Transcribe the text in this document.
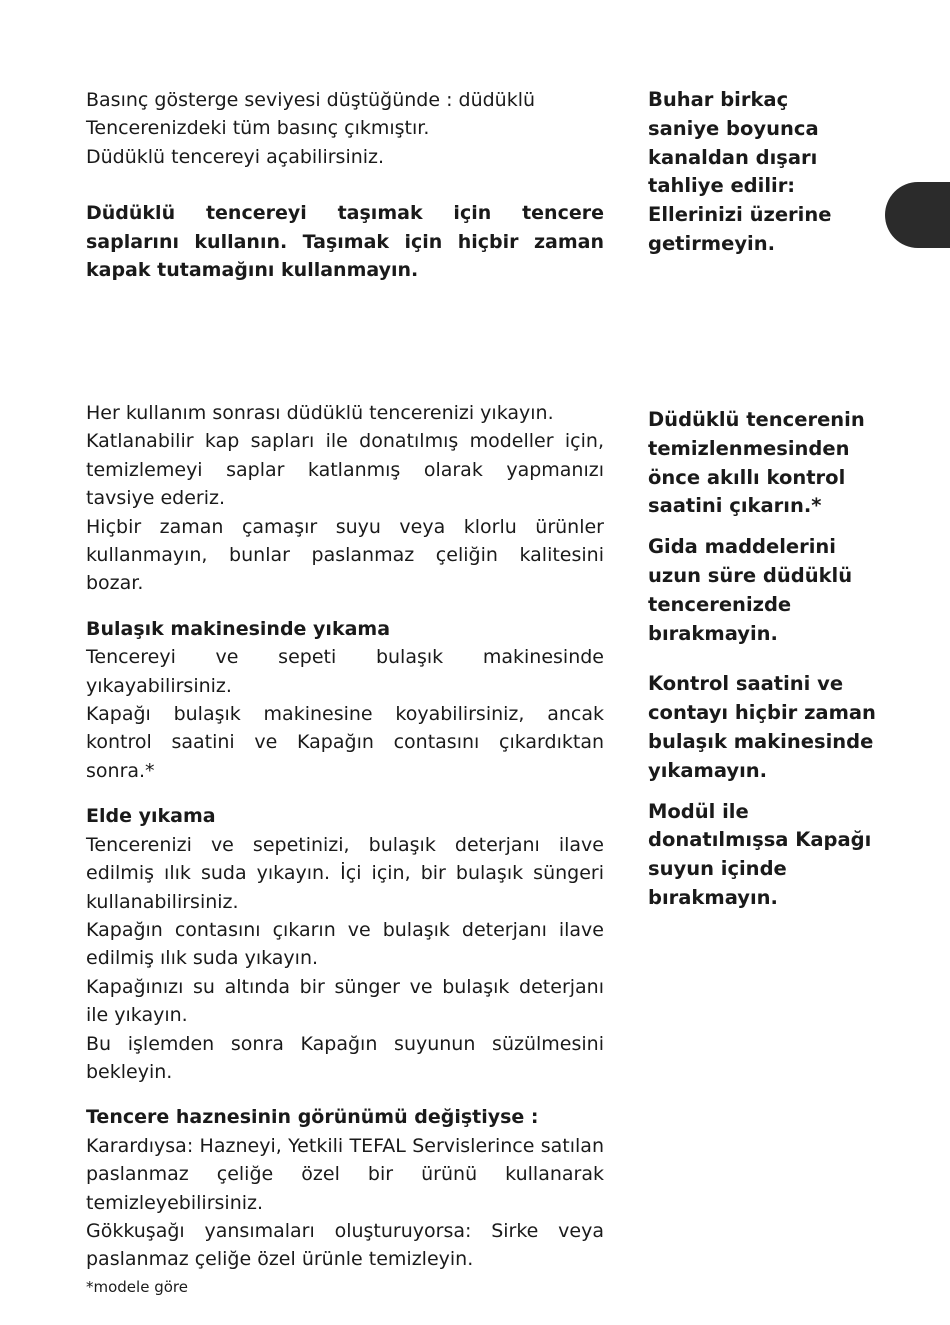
Basınç gösterge seviyesi düştüğünde : düdüklü
Tencerenizdeki tüm basınç çıkmıştır.
Düdüklü tencereyi açabilirsiniz.

Düdüklü tencereyi taşımak için tencere saplarını kullanın. Taşımak için hiçbir zaman kapak tutamağını kullanmayın.

Buhar birkaç saniye boyunca kanaldan dışarı tahliye edilir: Ellerinizi üzerine getirmeyin.

Her kullanım sonrası düdüklü tencerenizi yıkayın.

Katlanabilir kap sapları ile donatılmış modeller için, temizlemeyi saplar katlanmış olarak yapmanızı tavsiye ederiz.

Hiçbir zaman çamaşır suyu veya klorlu ürünler kullanmayın, bunlar paslanmaz çeliğin kalitesini bozar.

Bulaşık makinesinde yıkama

Tencereyi ve sepeti bulaşık makinesinde yıkayabilirsiniz.

Kapağı bulaşık makinesine koyabilirsiniz, ancak kontrol saatini ve Kapağın contasını çıkardıktan sonra.*

Elde yıkama

Tencerenizi ve sepetinizi, bulaşık deterjanı ilave edilmiş ılık suda yıkayın. İçi için, bir bulaşık süngeri kullanabilirsiniz.

Kapağın contasını çıkarın ve bulaşık deterjanı ilave edilmiş ılık suda yıkayın.

Kapağınızı su altında bir sünger ve bulaşık deterjanı ile yıkayın.

Bu işlemden sonra Kapağın suyunun süzülmesini bekleyin.

Tencere haznesinin görünümü değiştiyse :

Karardıysa: Hazneyi, Yetkili TEFAL Servislerince satılan paslanmaz çeliğe özel bir ürünü kullanarak temizleyebilirsiniz.

Gökkuşağı yansımaları oluşturuyorsa: Sirke veya paslanmaz çeliğe özel ürünle temizleyin.

Düdüklü tencerenin temizlenmesinden önce akıllı kontrol saatini çıkarın.*

Gida maddelerini uzun süre düdüklü tencerenizde bırakmayin.

Kontrol saatini ve contayı hiçbir zaman bulaşık makinesinde yıkamayın.

Modül ile donatılmışsa Kapağı suyun içinde bırakmayın.

*modele göre
